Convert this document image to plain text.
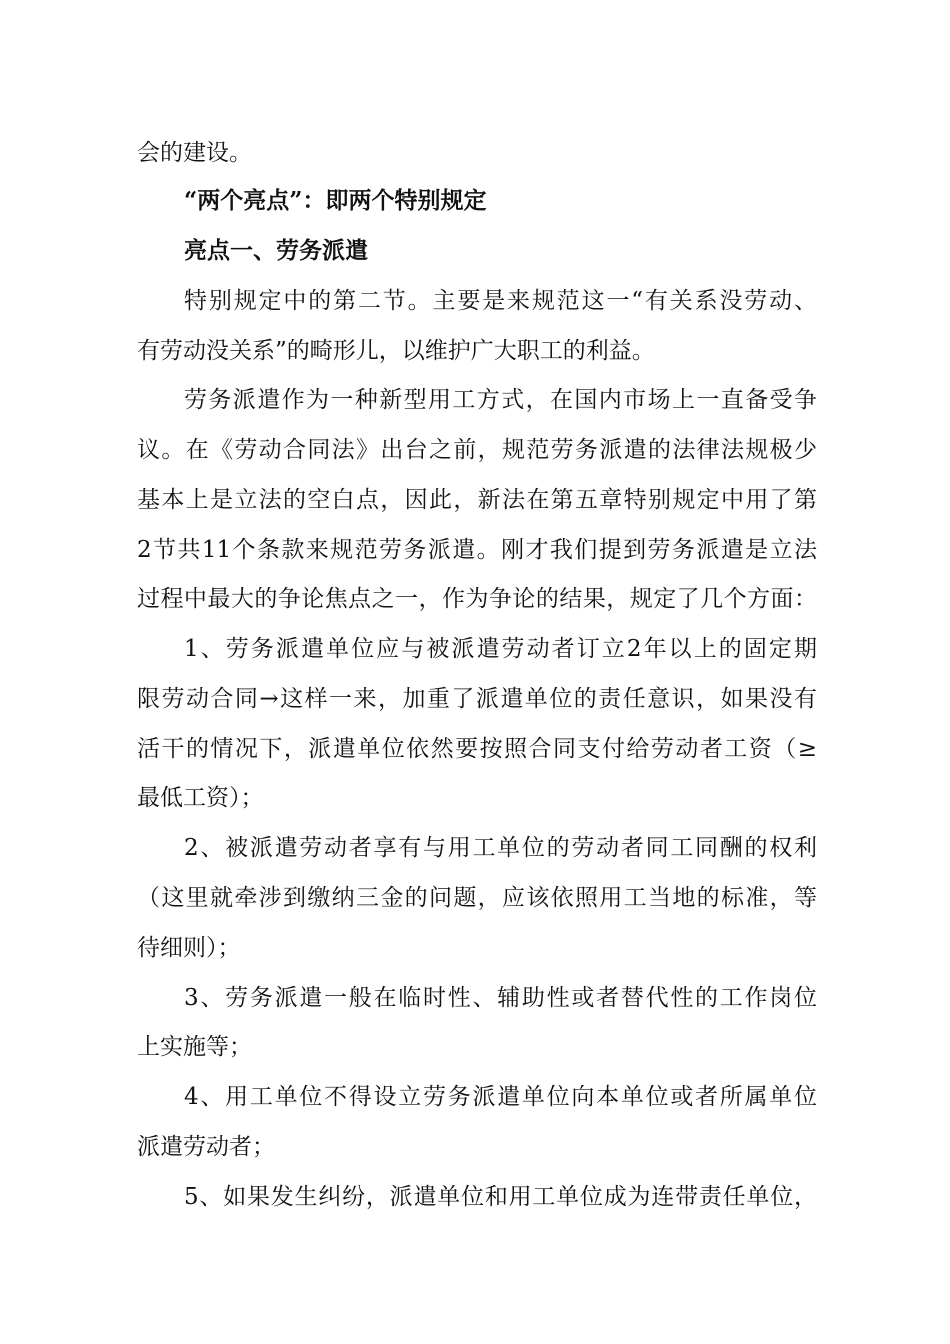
会的建设。

“两个亮点”：即两个特别规定

亮点一、劳务派遣

特别规定中的第二节。主要是来规范这一“有关系没劳动、

有劳动没关系”的畸形儿，以维护广大职工的利益。

劳务派遣作为一种新型用工方式，在国内市场上一直备受争

议。在《劳动合同法》出台之前，规范劳务派遣的法律法规极少

基本上是立法的空白点，因此，新法在第五章特别规定中用了第

2节共11个条款来规范劳务派遣。刚才我们提到劳务派遣是立法

过程中最大的争论焦点之一，作为争论的结果，规定了几个方面：

1、劳务派遣单位应与被派遣劳动者订立2年以上的固定期

限劳动合同→这样一来，加重了派遣单位的责任意识，如果没有

活干的情况下，派遣单位依然要按照合同支付给劳动者工资（≥

最低工资）；

2、被派遣劳动者享有与用工单位的劳动者同工同酬的权利

（这里就牵涉到缴纳三金的问题，应该依照用工当地的标准，等

待细则）；

3、劳务派遣一般在临时性、辅助性或者替代性的工作岗位

上实施等；

4、用工单位不得设立劳务派遣单位向本单位或者所属单位

派遣劳动者；

5、如果发生纠纷，派遣单位和用工单位成为连带责任单位，
